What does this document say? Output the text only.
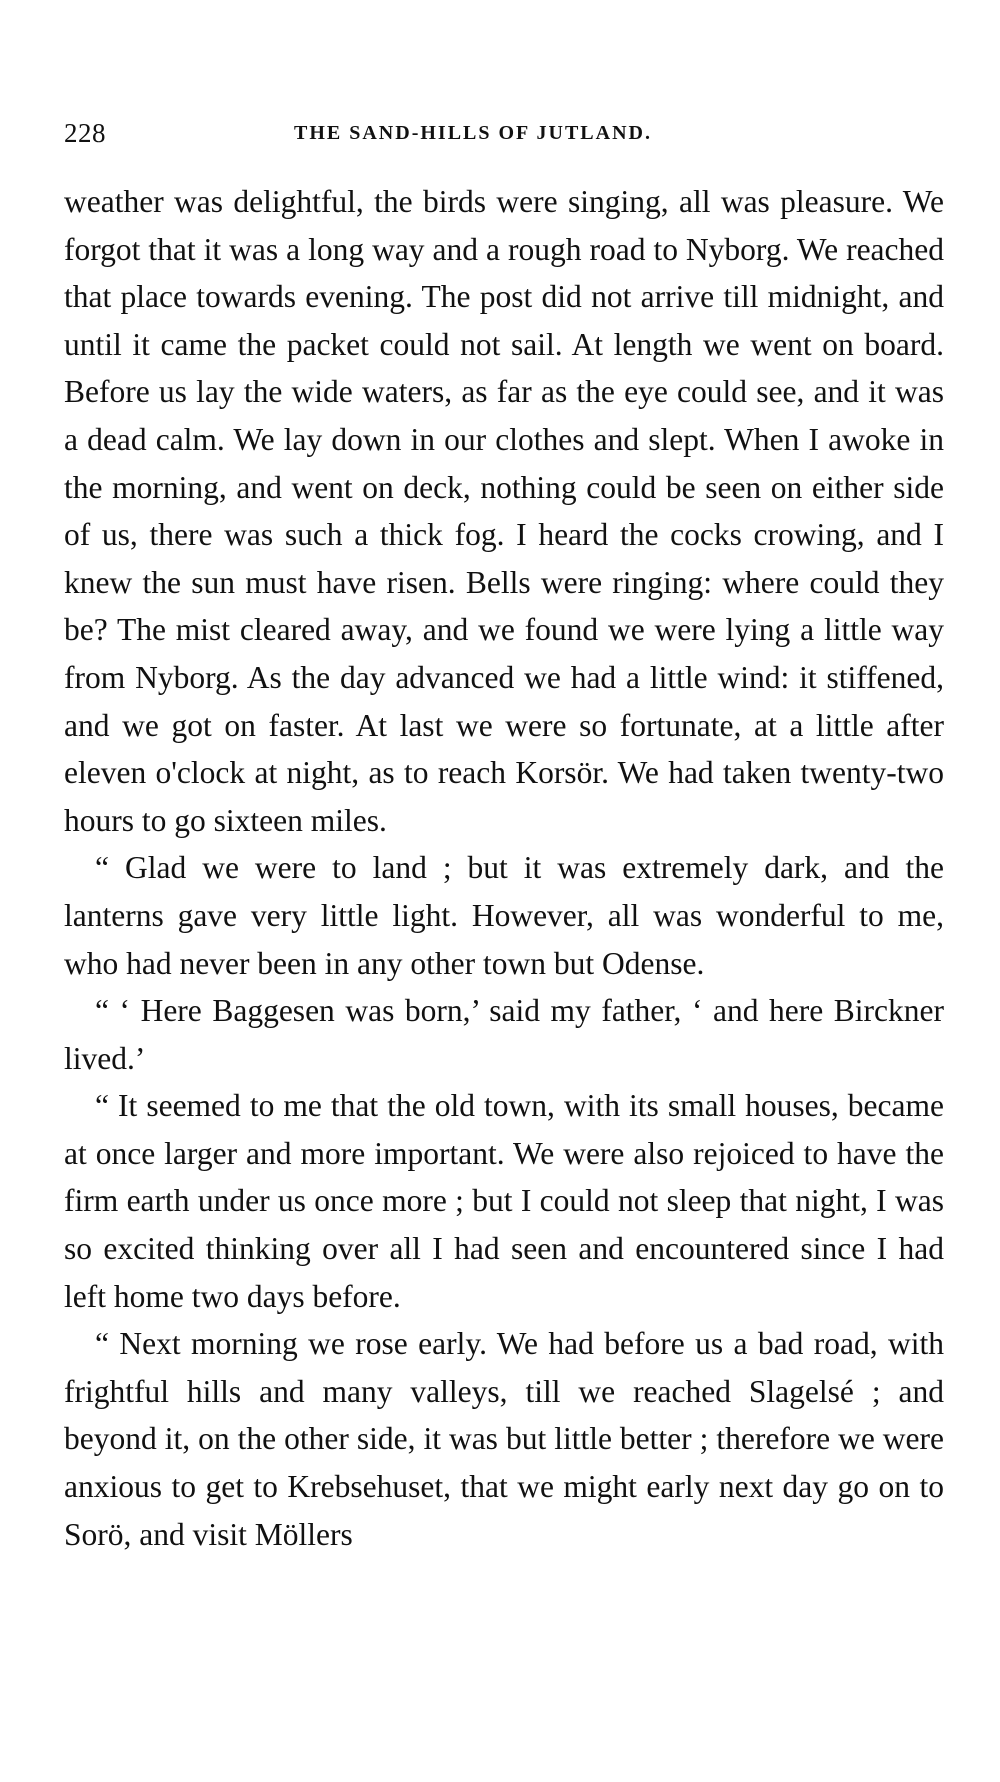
228	THE SAND-HILLS OF JUTLAND.

weather was delightful, the birds were singing, all was pleasure. We forgot that it was a long way and a rough road to Nyborg. We reached that place towards evening. The post did not arrive till midnight, and until it came the packet could not sail. At length we went on board. Before us lay the wide waters, as far as the eye could see, and it was a dead calm. We lay down in our clothes and slept. When I awoke in the morning, and went on deck, nothing could be seen on either side of us, there was such a thick fog. I heard the cocks crowing, and I knew the sun must have risen. Bells were ringing: where could they be? The mist cleared away, and we found we were lying a little way from Nyborg. As the day advanced we had a little wind: it stiffened, and we got on faster. At last we were so fortunate, at a little after eleven o'clock at night, as to reach Korsör. We had taken twenty-two hours to go sixteen miles.

“ Glad we were to land ; but it was extremely dark, and the lanterns gave very little light. However, all was wonderful to me, who had never been in any other town but Odense.

“ ‘ Here Baggesen was born,’ said my father, ‘ and here Birckner lived.’

“ It seemed to me that the old town, with its small houses, became at once larger and more important. We were also rejoiced to have the firm earth under us once more ; but I could not sleep that night, I was so excited thinking over all I had seen and encountered since I had left home two days before.

“ Next morning we rose early. We had before us a bad road, with frightful hills and many valleys, till we reached Slagelsé ; and beyond it, on the other side, it was but little better ; therefore we were anxious to get to Krebsehuset, that we might early next day go on to Sorö, and visit Möllers
